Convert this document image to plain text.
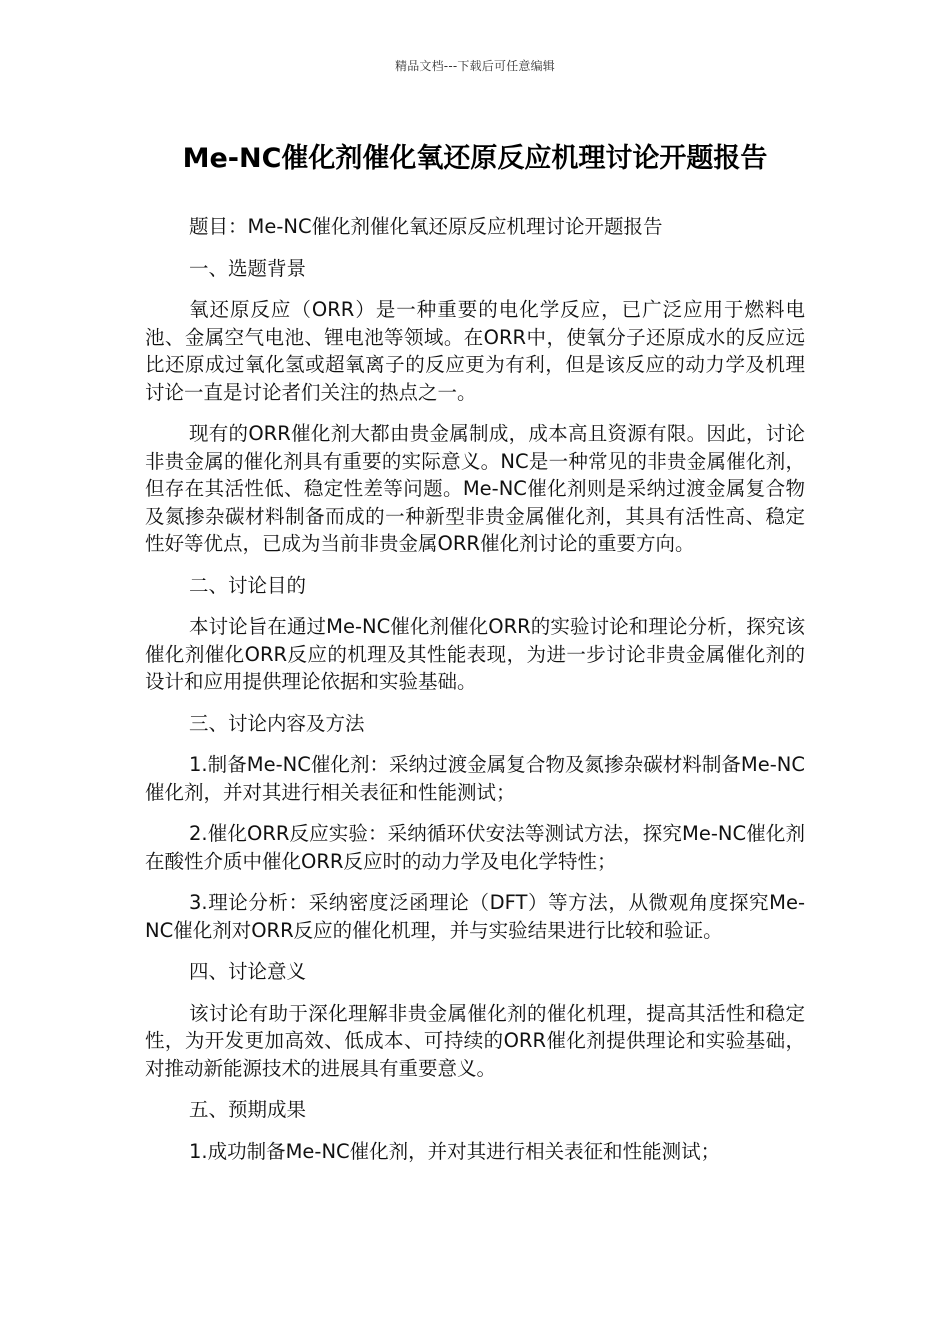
精品文档---下载后可任意编辑
Me-NC催化剂催化氧还原反应机理讨论开题报告

题目：Me-NC催化剂催化氧还原反应机理讨论开题报告

一、选题背景

氧还原反应（ORR）是一种重要的电化学反应，已广泛应用于燃料电池、金属空气电池、锂电池等领域。在ORR中，使氧分子还原成水的反应远比还原成过氧化氢或超氧离子的反应更为有利，但是该反应的动力学及机理讨论一直是讨论者们关注的热点之一。

现有的ORR催化剂大都由贵金属制成，成本高且资源有限。因此，讨论非贵金属的催化剂具有重要的实际意义。NC是一种常见的非贵金属催化剂，但存在其活性低、稳定性差等问题。Me-NC催化剂则是采纳过渡金属复合物及氮掺杂碳材料制备而成的一种新型非贵金属催化剂，其具有活性高、稳定性好等优点，已成为当前非贵金属ORR催化剂讨论的重要方向。

二、讨论目的

本讨论旨在通过Me-NC催化剂催化ORR的实验讨论和理论分析，探究该催化剂催化ORR反应的机理及其性能表现，为进一步讨论非贵金属催化剂的设计和应用提供理论依据和实验基础。

三、讨论内容及方法

1.制备Me-NC催化剂：采纳过渡金属复合物及氮掺杂碳材料制备Me-NC催化剂，并对其进行相关表征和性能测试；

2.催化ORR反应实验：采纳循环伏安法等测试方法，探究Me-NC催化剂在酸性介质中催化ORR反应时的动力学及电化学特性；

3.理论分析：采纳密度泛函理论（DFT）等方法，从微观角度探究Me-NC催化剂对ORR反应的催化机理，并与实验结果进行比较和验证。

四、讨论意义

该讨论有助于深化理解非贵金属催化剂的催化机理，提高其活性和稳定性，为开发更加高效、低成本、可持续的ORR催化剂提供理论和实验基础，对推动新能源技术的进展具有重要意义。

五、预期成果

1.成功制备Me-NC催化剂，并对其进行相关表征和性能测试；
